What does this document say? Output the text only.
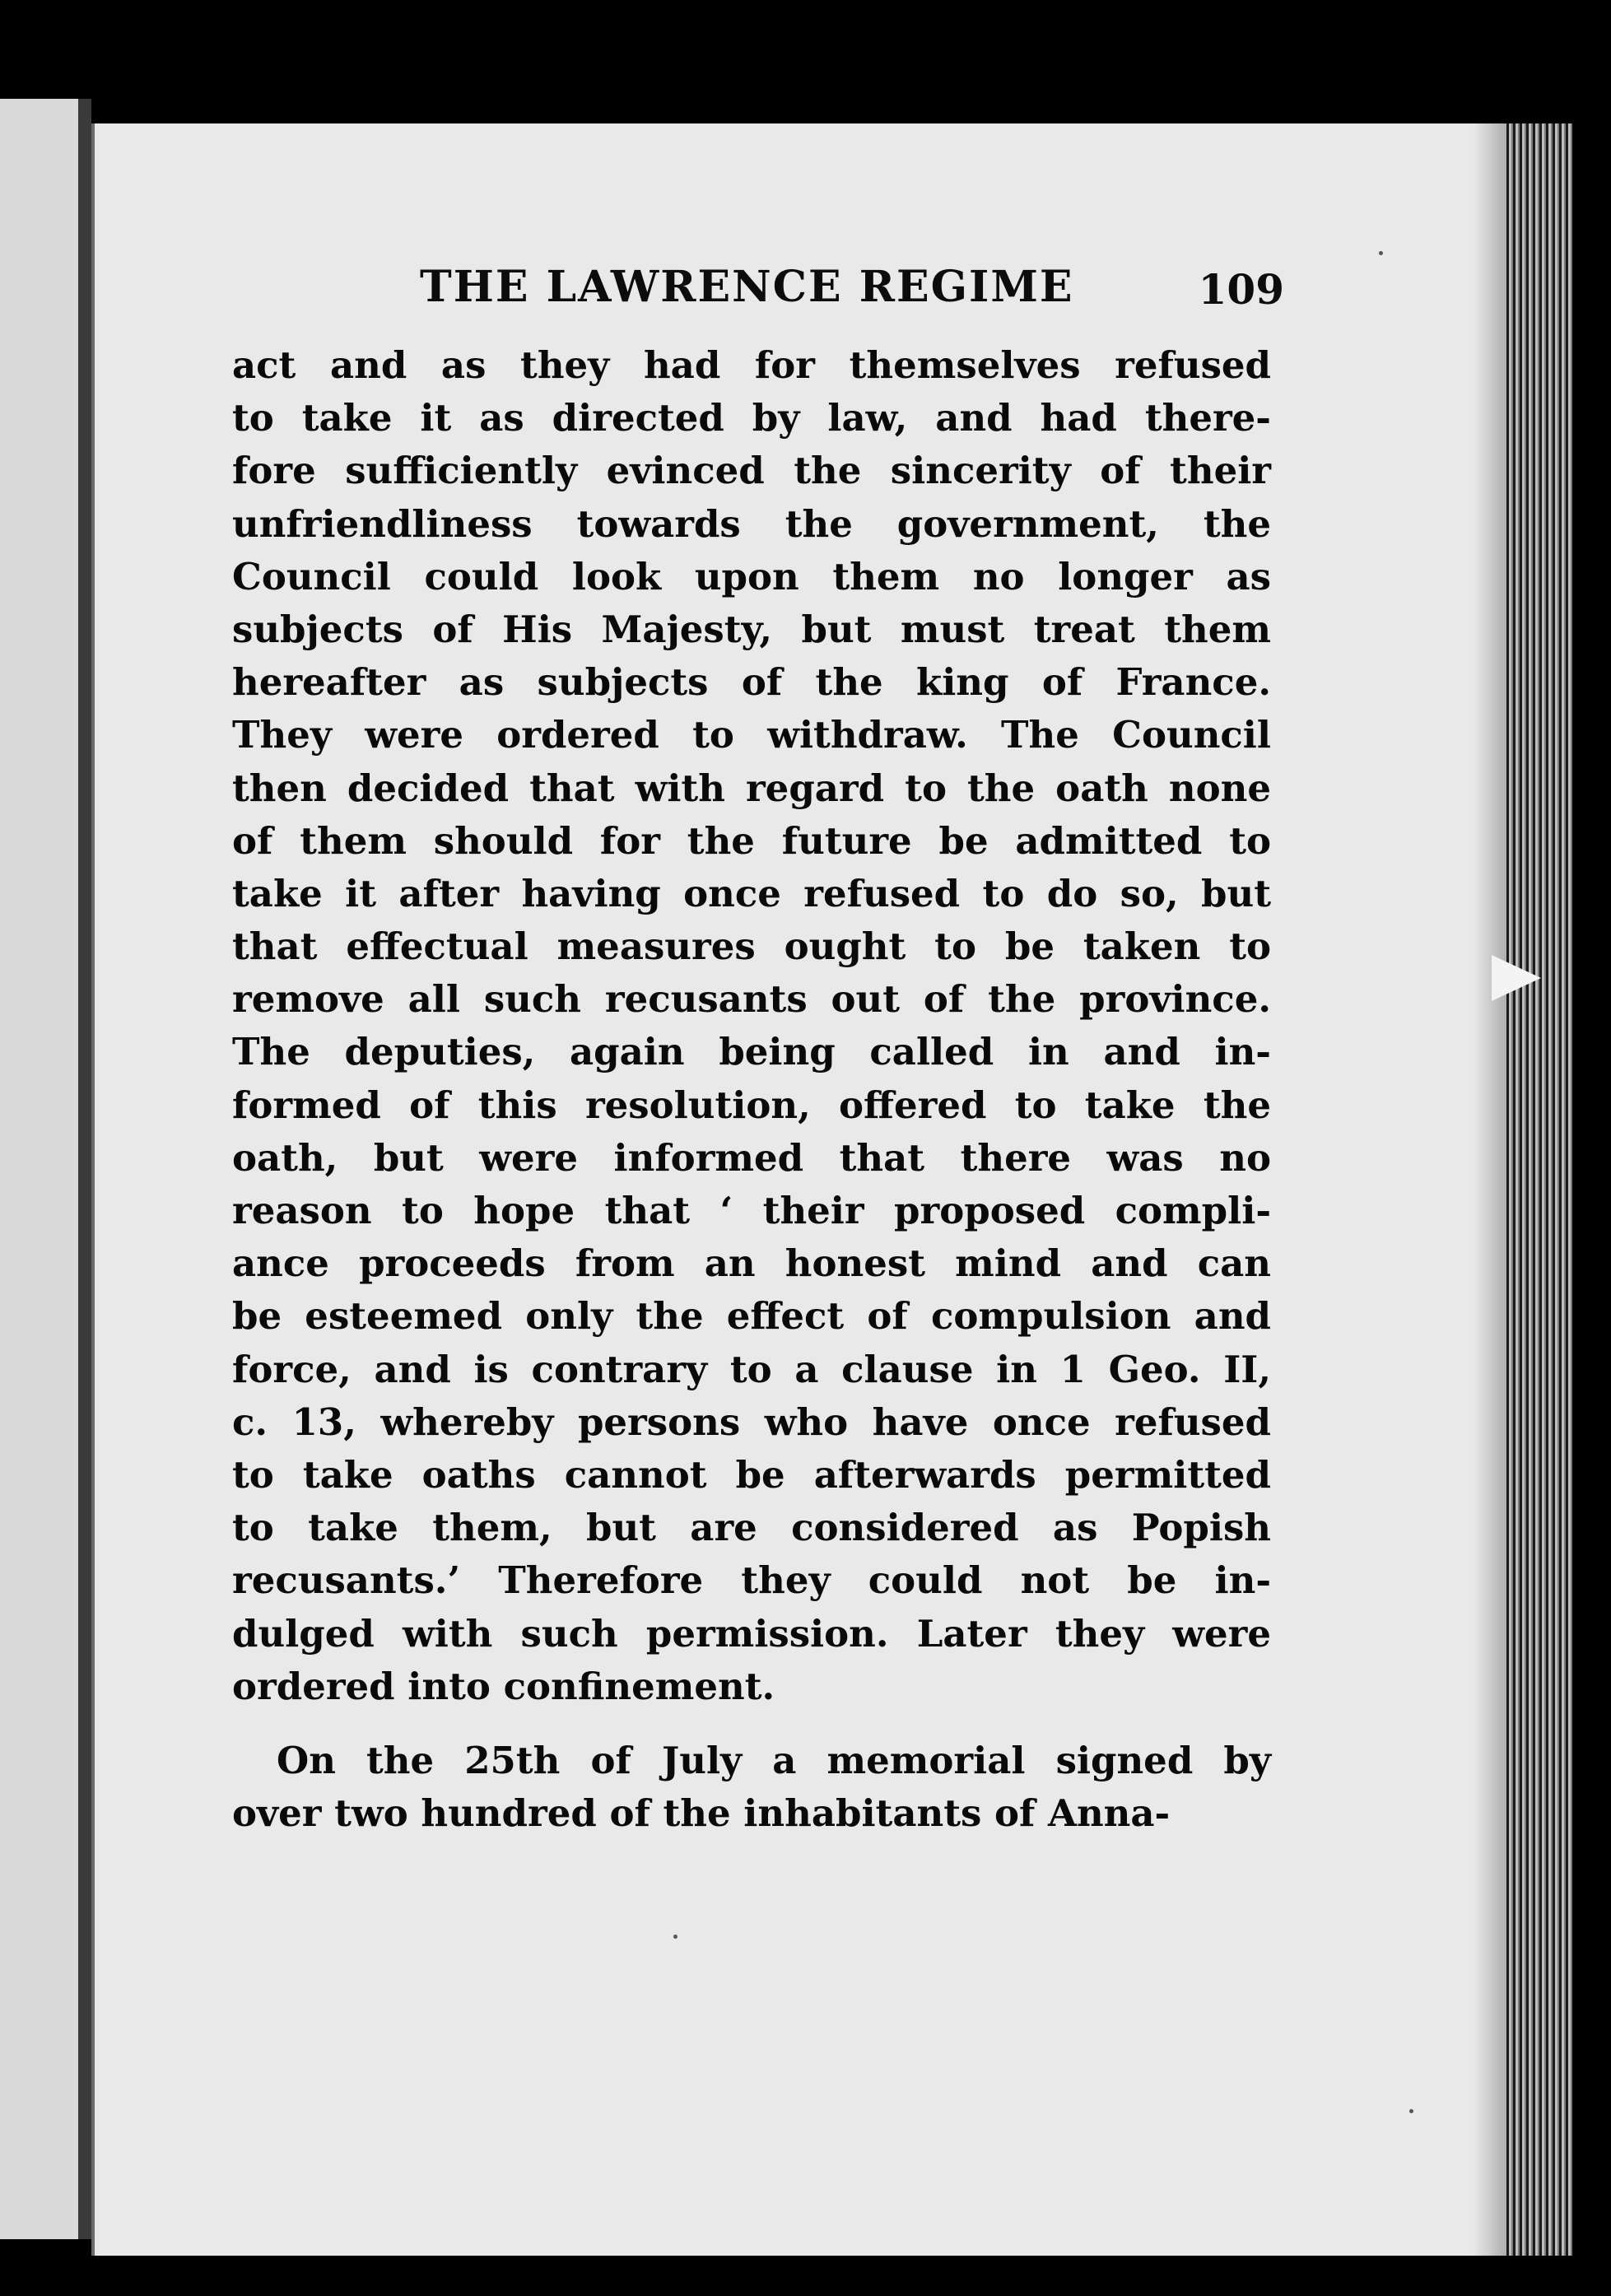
THE LAWRENCE REGIME	109
act and as they had for themselves refused
to take it as directed by law, and had there-
fore sufficiently evinced the sincerity of their
unfriendliness towards the government, the
Council could look upon them no longer as
subjects of His Majesty, but must treat them
hereafter as subjects of the king of France.
They were ordered to withdraw. The Council
then decided that with regard to the oath none
of them should for the future be admitted to
take it after having once refused to do so, but
that effectual measures ought to be taken to
remove all such recusants out of the province.
The deputies, again being called in and in-
formed of this resolution, offered to take the
oath, but were informed that there was no
reason to hope that ‘ their proposed compli-
ance proceeds from an honest mind and can
be esteemed only the effect of compulsion and
force, and is contrary to a clause in 1 Geo. II,
c. 13, whereby persons who have once refused
to take oaths cannot be afterwards permitted
to take them, but are considered as Popish
recusants.’ Therefore they could not be in-
dulged with such permission. Later they were
ordered into confinement.
On the 25th of July a memorial signed by
over two hundred of the inhabitants of Anna-
